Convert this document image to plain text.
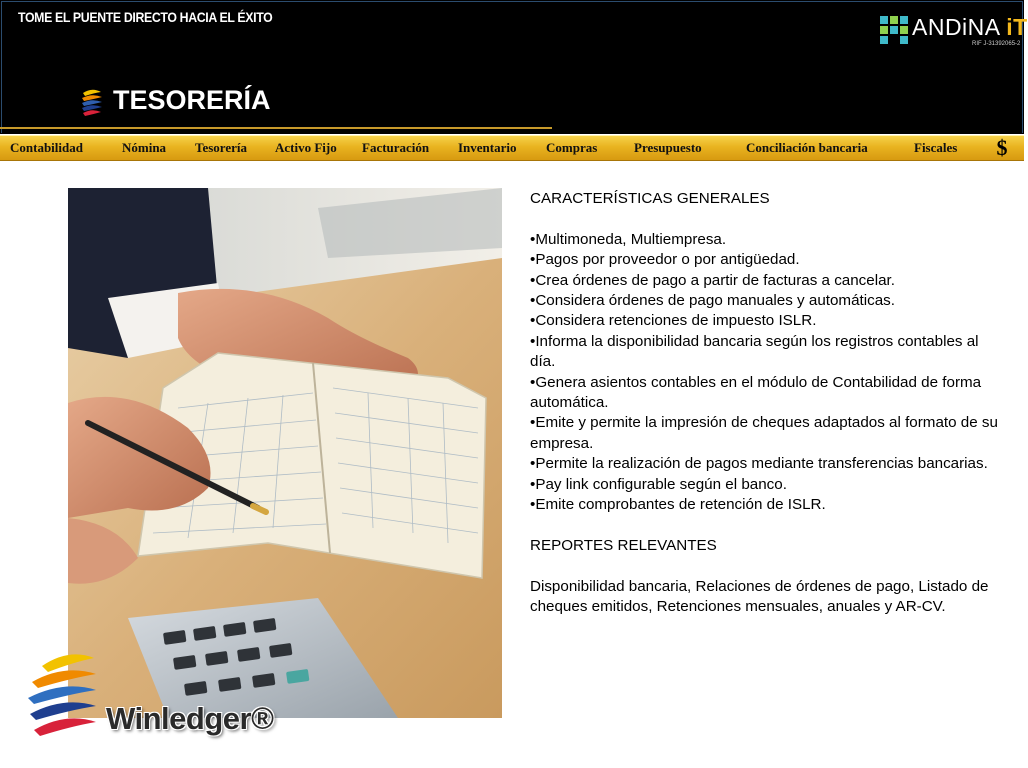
TOME EL PUENTE DIRECTO HACIA EL ÉXITO	ANDiNA iT
RIF J-31392065-2
TESORERÍA
Contabilidad	Nómina Tesorería Activo Fijo Facturación Inventario Compras	Presupuesto	Conciliación bancaria	Fiscales $

CARACTERÍSTICAS GENERALES

•Multimoneda, Multiempresa.

•Pagos por proveedor o por antigüedad.

•Crea órdenes de pago a partir de facturas a cancelar.

•Considera órdenes de pago manuales y automáticas.

•Considera retenciones de impuesto ISLR.

•Informa la disponibilidad bancaria según los registros contables al día.

•Genera asientos contables en el módulo de Contabilidad de forma automática.

•Emite y permite la impresión de cheques adaptados al formato de su empresa.

•Permite la realización de pagos mediante transferencias bancarias.

•Pay link configurable según el banco.

•Emite comprobantes de retención de ISLR.

REPORTES RELEVANTES

Disponibilidad bancaria, Relaciones de órdenes de pago, Listado de cheques emitidos, Retenciones mensuales, anuales y AR-CV.

Winledger®
